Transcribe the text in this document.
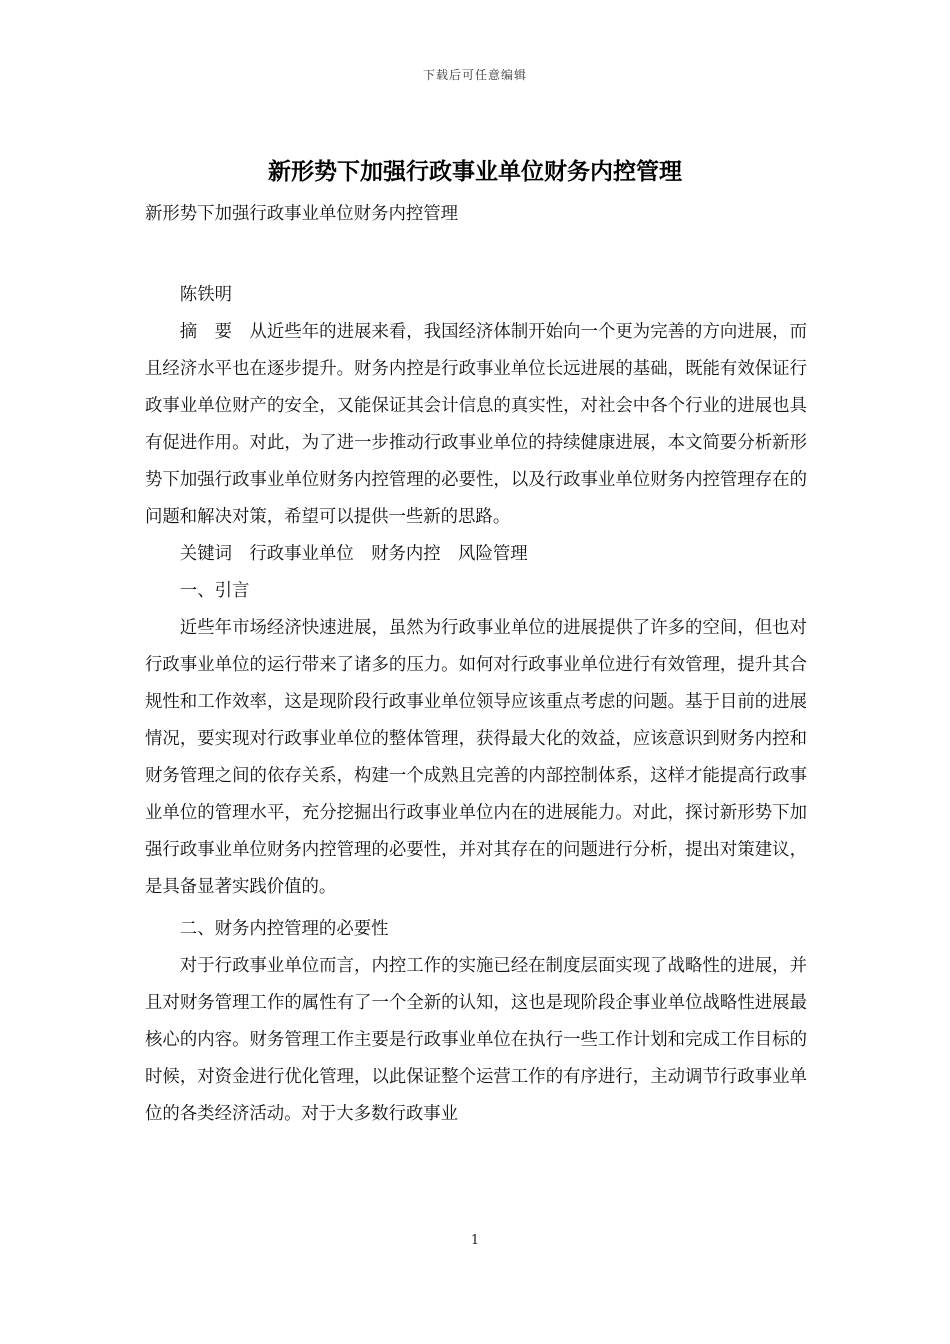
下载后可任意编辑
新形势下加强行政事业单位财务内控管理

新形势下加强行政事业单位财务内控管理

陈铁明

摘　要　从近些年的进展来看，我国经济体制开始向一个更为完善的方向进展，而且经济水平也在逐步提升。财务内控是行政事业单位长远进展的基础，既能有效保证行政事业单位财产的安全，又能保证其会计信息的真实性，对社会中各个行业的进展也具有促进作用。对此，为了进一步推动行政事业单位的持续健康进展，本文简要分析新形势下加强行政事业单位财务内控管理的必要性，以及行政事业单位财务内控管理存在的问题和解决对策，希望可以提供一些新的思路。

关键词　行政事业单位　财务内控　风险管理

一、引言

近些年市场经济快速进展，虽然为行政事业单位的进展提供了许多的空间，但也对行政事业单位的运行带来了诸多的压力。如何对行政事业单位进行有效管理，提升其合规性和工作效率，这是现阶段行政事业单位领导应该重点考虑的问题。基于目前的进展情况，要实现对行政事业单位的整体管理，获得最大化的效益，应该意识到财务内控和财务管理之间的依存关系，构建一个成熟且完善的内部控制体系，这样才能提高行政事业单位的管理水平，充分挖掘出行政事业单位内在的进展能力。对此，探讨新形势下加强行政事业单位财务内控管理的必要性，并对其存在的问题进行分析，提出对策建议，是具备显著实践价值的。

二、财务内控管理的必要性

对于行政事业单位而言，内控工作的实施已经在制度层面实现了战略性的进展，并且对财务管理工作的属性有了一个全新的认知，这也是现阶段企事业单位战略性进展最核心的内容。财务管理工作主要是行政事业单位在执行一些工作计划和完成工作目标的时候，对资金进行优化管理，以此保证整个运营工作的有序进行，主动调节行政事业单位的各类经济活动。对于大多数行政事业

1
